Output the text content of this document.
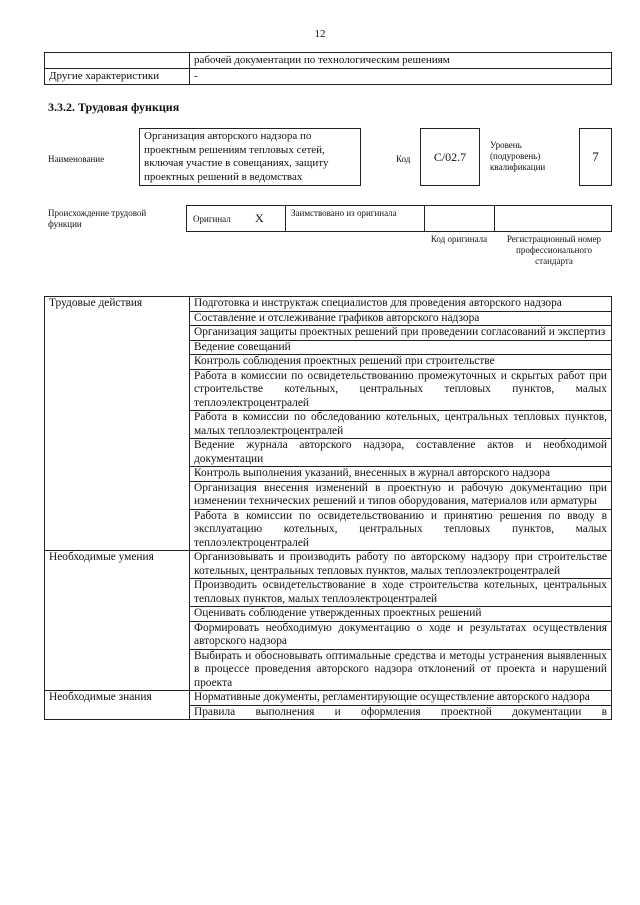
12
	рабочей документации по технологическим решениям
Другие характеристики	-
3.3.2. Трудовая функция
Наименование
Организация авторского надзора по проектным решениям тепловых сетей, включая участие в совещаниях, защиту проектных решений в ведомствах
Код	С/02.7
Уровень (подуровень) квалификации
7
Происхождение трудовой функции	Оригинал X	Заимствовано из оригинала
Код оригинала	Регистрационный номер профессионального стандарта
Трудовые действия	Подготовка и инструктаж специалистов для проведения авторского надзора
	Составление и отслеживание графиков авторского надзора
	Организация защиты проектных решений при проведении согласований и экспертиз
	Ведение совещаний
	Контроль соблюдения проектных решений при строительстве
	Работа в комиссии по освидетельствованию промежуточных и скрытых работ при строительстве котельных, центральных тепловых пунктов, малых теплоэлектроцентралей
	Работа в комиссии по обследованию котельных, центральных тепловых пунктов, малых теплоэлектроцентралей
	Ведение журнала авторского надзора, составление актов и необходимой документации
	Контроль выполнения указаний, внесенных в журнал авторского надзора
	Организация внесения изменений в проектную и рабочую документацию при изменении технических решений и типов оборудования, материалов или арматуры
	Работа в комиссии по освидетельствованию и принятию решения по вводу в эксплуатацию котельных, центральных тепловых пунктов, малых теплоэлектроцентралей
Необходимые умения	Организовывать и производить работу по авторскому надзору при строительстве котельных, центральных тепловых пунктов, малых теплоэлектроцентралей
	Производить освидетельствование в ходе строительства котельных, центральных тепловых пунктов, малых теплоэлектроцентралей
	Оценивать соблюдение утвержденных проектных решений
	Формировать необходимую документацию о ходе и результатах осуществления авторского надзора
	Выбирать и обосновывать оптимальные средства и методы устранения выявленных в процессе проведения авторского надзора отклонений от проекта и нарушений проекта
Необходимые знания	Нормативные документы, регламентирующие осуществление авторского надзора
	Правила выполнения и оформления проектной документации в
